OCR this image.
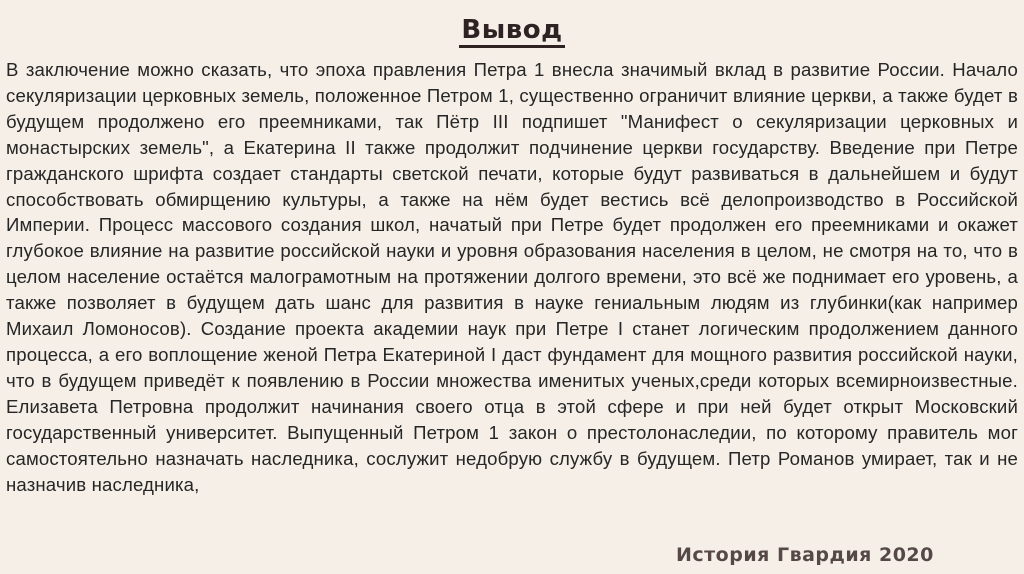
Вывод

В заключение можно сказать, что эпоха правления Петра 1 внесла значимый вклад в развитие России. Начало секуляризации церковных земель, положенное Петром 1, существенно ограничит влияние церкви, а также будет в будущем продолжено его преемниками, так Пётр III подпишет "Манифест о секуляризации церковных и монастырских земель", а Екатерина II также продолжит подчинение церкви государству. Введение при Петре гражданского шрифта создает стандарты светской печати, которые будут развиваться в дальнейшем и будут способствовать обмирщению культуры, а также на нём будет вестись всё делопроизводство в Российской Империи. Процесс массового создания школ, начатый при Петре будет продолжен его преемниками и окажет глубокое влияние на развитие российской науки и уровня образования населения в целом, не смотря на то, что в целом население остаётся малограмотным на протяжении долгого времени, это всё же поднимает его уровень, а также позволяет в будущем дать шанс для развития в науке гениальным людям из глубинки(как например Михаил Ломоносов). Создание проекта академии наук при Петре I станет логическим продолжением данного процесса, а его воплощение женой Петра Екатериной I даст фундамент для мощного развития российской науки, что в будущем приведёт к появлению в России множества именитых ученых,среди которых всемирноизвестные. Елизавета Петровна продолжит начинания своего отца в этой сфере и при ней будет открыт Московский государственный университет. Выпущенный Петром 1 закон о престолонаследии, по которому правитель мог самостоятельно назначать наследника, сослужит недобрую службу в будущем. Петр Романов умирает, так и не назначив наследника,

История Гвардия 2020
